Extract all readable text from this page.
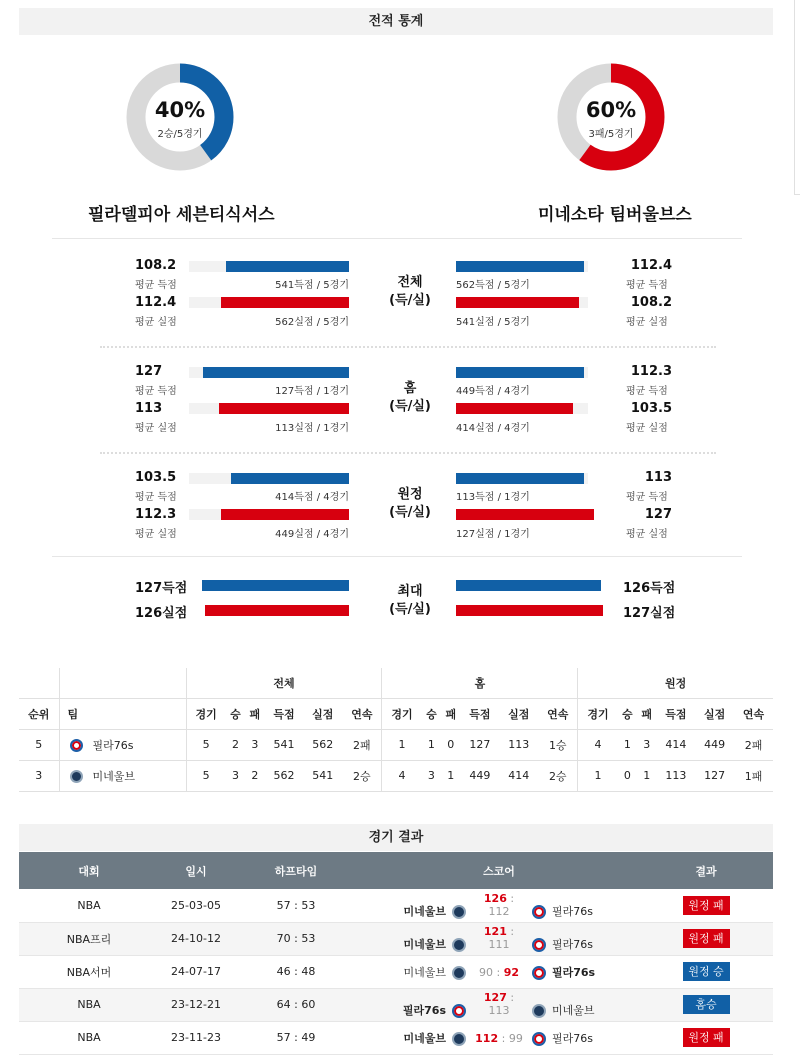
전적 통계
40%
2승/5경기
60%
3패/5경기
필라델피아 세븐티식서스	미네소타 팀버울브스
108.2
평균 득점
112.4
평균 실점
541득점 / 5경기
562실점 / 5경기
전체
(득/실)
562득점 / 5경기
541실점 / 5경기
112.4
평균 득점
108.2
평균 실점
127
평균 득점
113
평균 실점
127득점 / 1경기
113실점 / 1경기
홈
(득/실)
449득점 / 4경기
414실점 / 4경기
112.3
평균 득점
103.5
평균 실점
103.5
평균 득점
112.3
평균 실점
414득점 / 4경기
449실점 / 4경기
원정
(득/실)
113득점 / 1경기
127실점 / 1경기
113
평균 득점
127
평균 실점
127득점
126실점
최대
(득/실)
126득점
127실점
		전체						홈						원정					
순위	팀	경기	승	패	득점	실점	연속	경기	승	패	득점	실점	연속	경기	승	패	득점	실점	연속
5	필라76s	5	2	3	541	562	2패	1	1	0	127	113	1승	4	1	3	414	449	2패
3	미네울브	5	3	2	562	541	2승	4	3	1	449	414	2승	1	0	1	113	127	1패
경기 결과
대회	일시	하프타임	스코어	결과
NBA	25-03-05	57 : 53	미네울브126 : 112 필라76s	원정 패
NBA프리	24-10-12	70 : 53	미네울브121 : 111 필라76s	원정 패
NBA서머	24-07-17	46 : 48	미네울브 90 : 92 필라76s	원정 승
NBA	23-12-21	64 : 60	필라76s127 : 113 미네울브	홈승
NBA	23-11-23	57 : 49	미네울브 112 : 99 필라76s	원정 패
